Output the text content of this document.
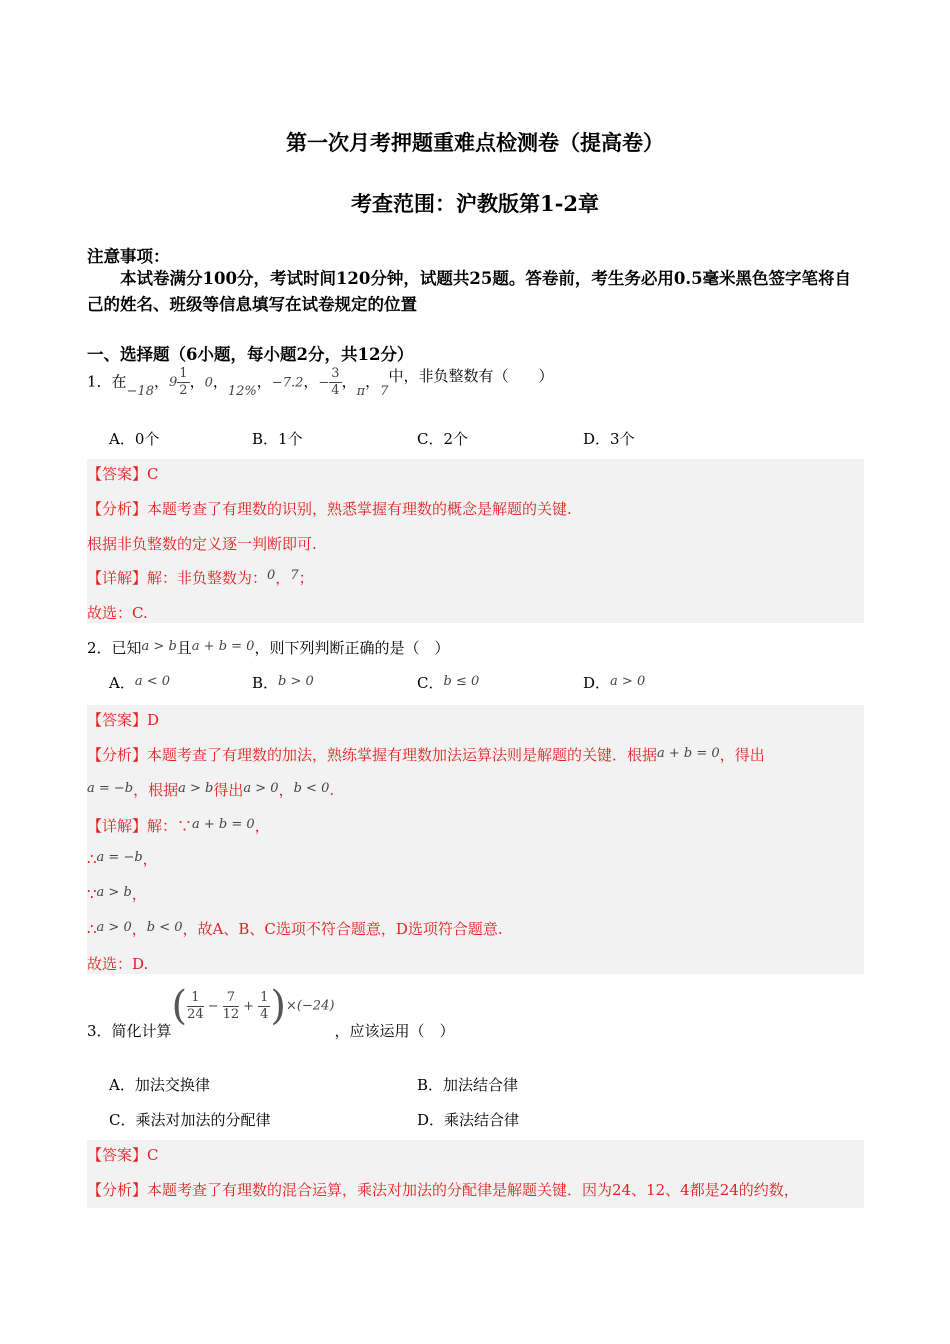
第一次月考押题重难点检测卷（提高卷）
考查范围：沪教版第1-2章
注意事项：
本试卷满分100分，考试时间120分钟，试题共25题。答卷前，考生务必用0.5毫米黑色签字笔将自己的姓名、班级等信息填写在试卷规定的位置
一、选择题（6小题，每小题2分，共12分）
1．在−18，$9 \frac{1}{2}$ ，0，12%，−7.2，− $\frac{3}{4}$ ，π，7中，非负整数有（　　）
A．0个	B．1个	C．2个	D．3个
【答案】C
【分析】本题考查了有理数的识别，熟悉掌握有理数的概念是解题的关键.
根据非负整数的定义逐一判断即可.
【详解】解：非负整数为：0，7；
故选：C.
2．已知a > b且a + b = 0，则下列判断正确的是（　）
A．a < 0	B．b > 0	C．b ≤ 0	D．a > 0
【答案】D
【分析】本题考查了有理数的加法，熟练掌握有理数加法运算法则是解题的关键．根据a + b = 0，得出
a = −b，根据a > b得出a > 0，b < 0.
【详解】解：∵a + b = 0，
∴a = −b，
∵a > b，
∴a > 0，b < 0，故A、B、C选项不符合题意，D选项符合题意.
故选：D.
3．简化计算( $\frac{1}{24} - \frac{7}{12} + \frac{1}{4} )\times(-24)$，应该运用（　）
A．加法交换律	B．加法结合律
C．乘法对加法的分配律	D．乘法结合律
【答案】C
【分析】本题考查了有理数的混合运算，乘法对加法的分配律是解题关键．因为24、12、4都是24的约数，
